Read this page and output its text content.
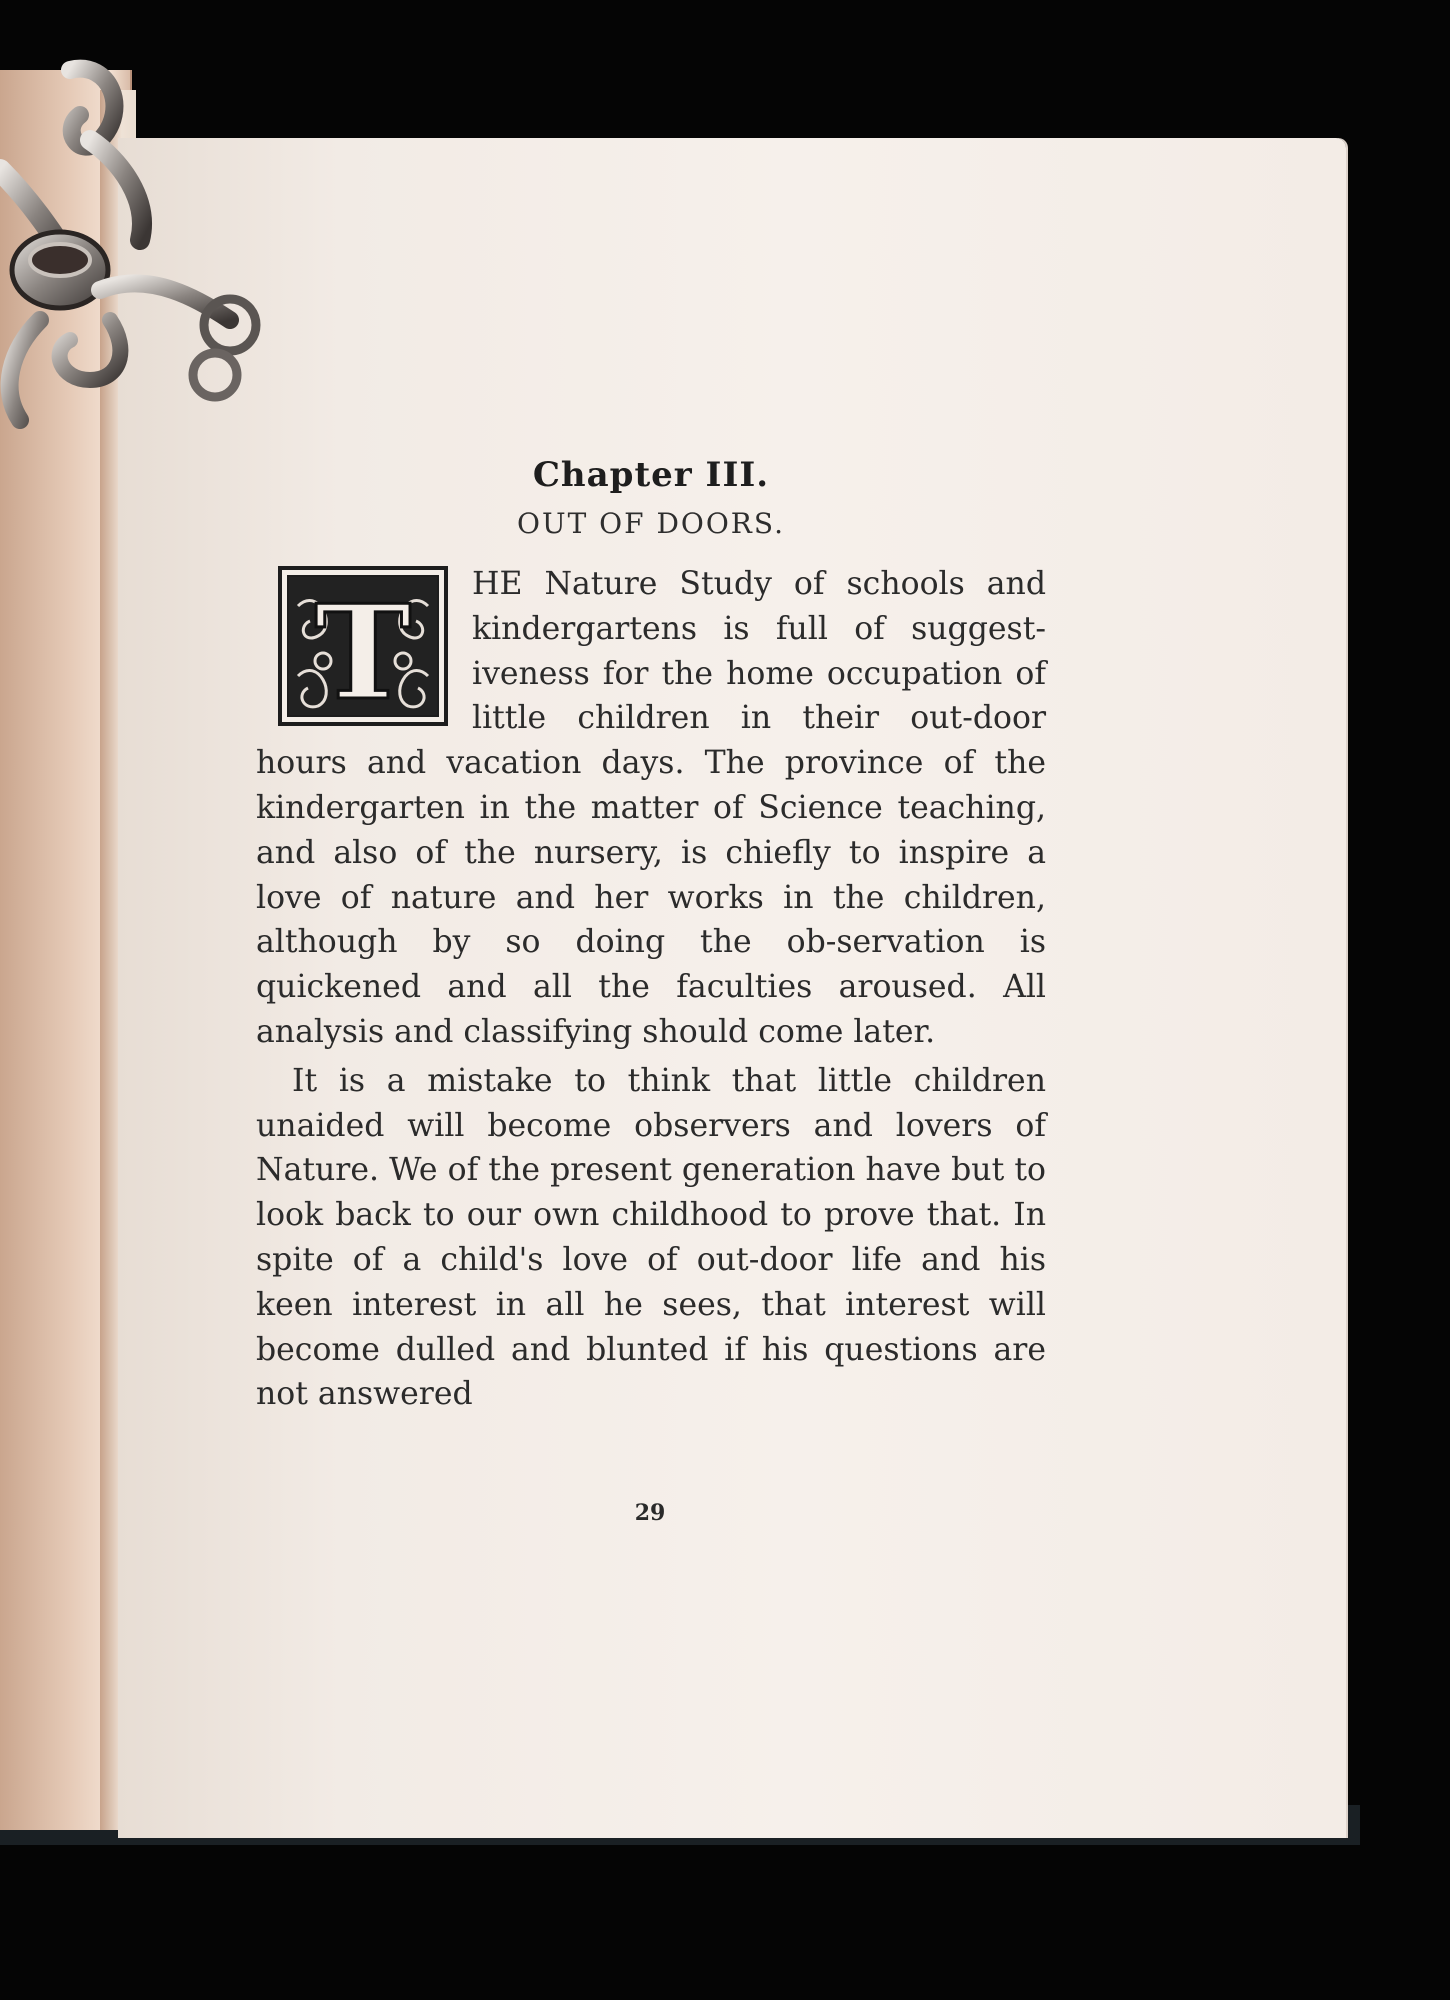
Chapter III.
OUT OF DOORS.

T HE Nature Study of schools and kindergartens is full of suggest-iveness for the home occupation of little children in their out-door hours and vacation days. The province of the kindergarten in the matter of Science teaching, and also of the nursery, is chiefly to inspire a love of nature and her works in the children, although by so doing the ob-servation is quickened and all the faculties aroused. All analysis and classifying should come later.

It is a mistake to think that little children unaided will become observers and lovers of Nature. We of the present generation have but to look back to our own childhood to prove that. In spite of a child's love of out-door life and his keen interest in all he sees, that interest will become dulled and blunted if his questions are not answered

29
